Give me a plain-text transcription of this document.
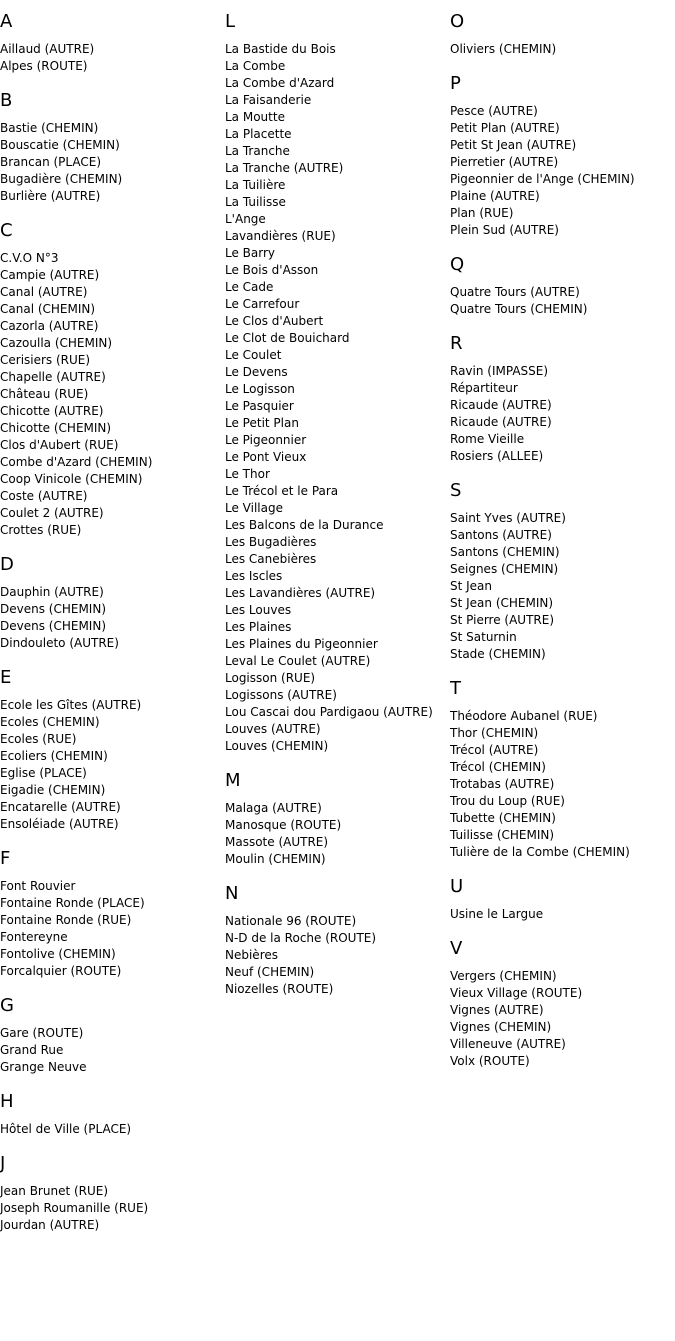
A
Aillaud (AUTRE)
Alpes (ROUTE)
B
Bastie (CHEMIN)
Bouscatie (CHEMIN)
Brancan (PLACE)
Bugadière (CHEMIN)
Burlière (AUTRE)
C
C.V.O N°3
Campie (AUTRE)
Canal (AUTRE)
Canal (CHEMIN)
Cazorla (AUTRE)
Cazoulla (CHEMIN)
Cerisiers (RUE)
Chapelle (AUTRE)
Château (RUE)
Chicotte (AUTRE)
Chicotte (CHEMIN)
Clos d'Aubert (RUE)
Combe d'Azard (CHEMIN)
Coop Vinicole (CHEMIN)
Coste (AUTRE)
Coulet 2 (AUTRE)
Crottes (RUE)
D
Dauphin (AUTRE)
Devens (CHEMIN)
Devens (CHEMIN)
Dindouleto (AUTRE)
E
Ecole les Gîtes (AUTRE)
Ecoles (CHEMIN)
Ecoles (RUE)
Ecoliers (CHEMIN)
Eglise (PLACE)
Eigadie (CHEMIN)
Encatarelle (AUTRE)
Ensoléiade (AUTRE)
F
Font Rouvier
Fontaine Ronde (PLACE)
Fontaine Ronde (RUE)
Fontereyne
Fontolive (CHEMIN)
Forcalquier (ROUTE)
G
Gare (ROUTE)
Grand Rue
Grange Neuve
H
Hôtel de Ville (PLACE)
J
Jean Brunet (RUE)
Joseph Roumanille (RUE)
Jourdan (AUTRE)
L
La Bastide du Bois
La Combe
La Combe d'Azard
La Faisanderie
La Moutte
La Placette
La Tranche
La Tranche (AUTRE)
La Tuilière
La Tuilisse
L'Ange
Lavandières (RUE)
Le Barry
Le Bois d'Asson
Le Cade
Le Carrefour
Le Clos d'Aubert
Le Clot de Bouichard
Le Coulet
Le Devens
Le Logisson
Le Pasquier
Le Petit Plan
Le Pigeonnier
Le Pont Vieux
Le Thor
Le Trécol et le Para
Le Village
Les Balcons de la Durance
Les Bugadières
Les Canebières
Les Iscles
Les Lavandières (AUTRE)
Les Louves
Les Plaines
Les Plaines du Pigeonnier
Leval Le Coulet (AUTRE)
Logisson (RUE)
Logissons (AUTRE)
Lou Cascai dou Pardigaou (AUTRE)
Louves (AUTRE)
Louves (CHEMIN)
M
Malaga (AUTRE)
Manosque (ROUTE)
Massote (AUTRE)
Moulin (CHEMIN)
N
Nationale 96 (ROUTE)
N-D de la Roche (ROUTE)
Nebières
Neuf (CHEMIN)
Niozelles (ROUTE)
O
Oliviers (CHEMIN)
P
Pesce (AUTRE)
Petit Plan (AUTRE)
Petit St Jean (AUTRE)
Pierretier (AUTRE)
Pigeonnier de l'Ange (CHEMIN)
Plaine (AUTRE)
Plan (RUE)
Plein Sud (AUTRE)
Q
Quatre Tours (AUTRE)
Quatre Tours (CHEMIN)
R
Ravin (IMPASSE)
Répartiteur
Ricaude (AUTRE)
Ricaude (AUTRE)
Rome Vieille
Rosiers (ALLEE)
S
Saint Yves (AUTRE)
Santons (AUTRE)
Santons (CHEMIN)
Seignes (CHEMIN)
St Jean
St Jean (CHEMIN)
St Pierre (AUTRE)
St Saturnin
Stade (CHEMIN)
T
Théodore Aubanel (RUE)
Thor (CHEMIN)
Trécol (AUTRE)
Trécol (CHEMIN)
Trotabas (AUTRE)
Trou du Loup (RUE)
Tubette (CHEMIN)
Tuilisse (CHEMIN)
Tulière de la Combe (CHEMIN)
U
Usine le Largue
V
Vergers (CHEMIN)
Vieux Village (ROUTE)
Vignes (AUTRE)
Vignes (CHEMIN)
Villeneuve (AUTRE)
Volx (ROUTE)
